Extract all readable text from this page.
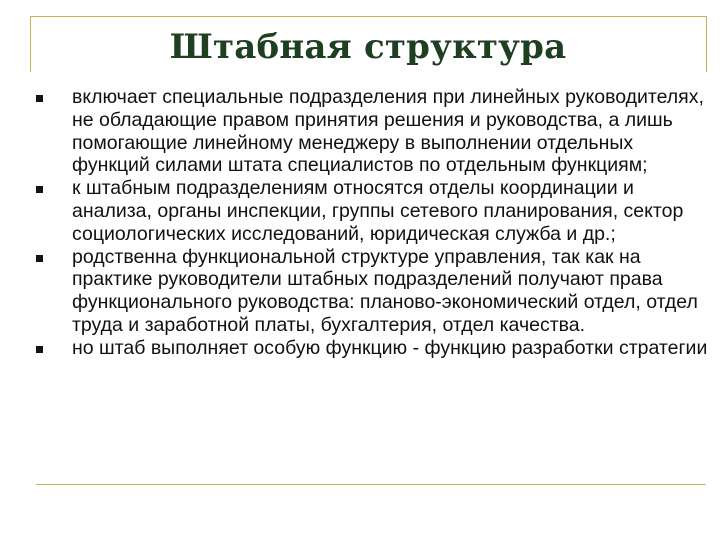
Штабная структура
включает специальные подразделения при линейных руководителях, не обладающие правом принятия решения и руководства, а лишь помогающие линейному менеджеру в выполнении отдельных функций силами штата специалистов по отдельным функциям;
к штабным подразделениям относятся отделы координации и анализа, органы инспекции, группы сетевого планирования, сектор социологических исследований, юридическая служба и др.;
родственна функциональной структуре управления, так как на практике руководители штабных подразделений получают права функционального руководства: планово-экономический отдел, отдел труда и заработной платы, бухгалтерия, отдел качества.
но штаб выполняет особую функцию - функцию разработки стратегии
